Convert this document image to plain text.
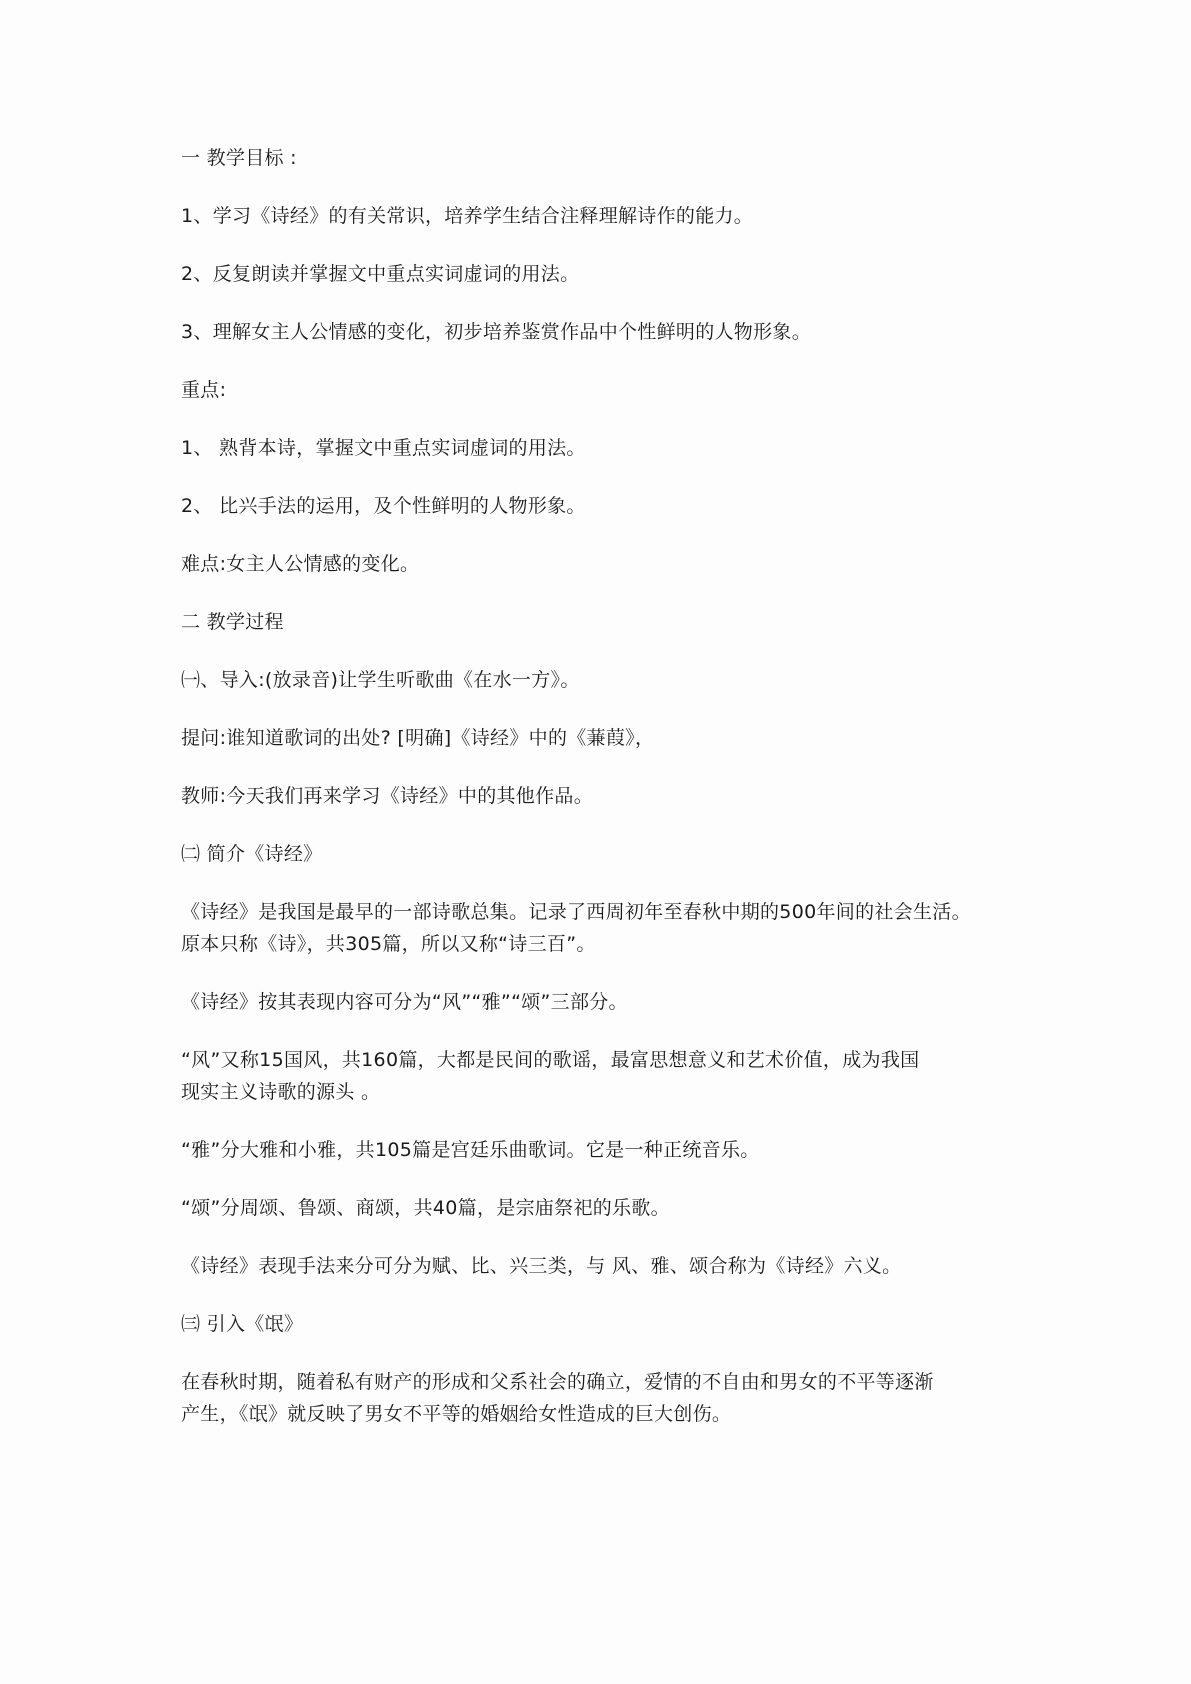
一 教学目标 :
1、学习《诗经》的有关常识，培养学生结合注释理解诗作的能力。
2、反复朗读并掌握文中重点实词虚词的用法。
3、理解女主人公情感的变化，初步培养鉴赏作品中个性鲜明的人物形象。
重点:
1、 熟背本诗，掌握文中重点实词虚词的用法。
2、 比兴手法的运用，及个性鲜明的人物形象。
难点:女主人公情感的变化。
二 教学过程
㈠、导入:(放录音)让学生听歌曲《在水一方》。
提问:谁知道歌词的出处? [明确]《诗经》中的《蒹葭》，
教师:今天我们再来学习《诗经》中的其他作品。
㈡ 简介《诗经》
《诗经》是我国是最早的一部诗歌总集。记录了西周初年至春秋中期的500年间的社会生活。
原本只称《诗》，共305篇，所以又称“诗三百”。
《诗经》按其表现内容可分为“风”“雅”“颂”三部分。
“风”又称15国风，共160篇，大都是民间的歌谣，最富思想意义和艺术价值，成为我国
现实主义诗歌的源头 。
“雅”分大雅和小雅，共105篇是宫廷乐曲歌词。它是一种正统音乐。
“颂”分周颂、鲁颂、商颂，共40篇，是宗庙祭祀的乐歌。
《诗经》表现手法来分可分为赋、比、兴三类，与 风、雅、颂合称为《诗经》六义。
㈢ 引入《氓》
在春秋时期，随着私有财产的形成和父系社会的确立，爱情的不自由和男女的不平等逐渐
产生，《氓》就反映了男女不平等的婚姻给女性造成的巨大创伤。
